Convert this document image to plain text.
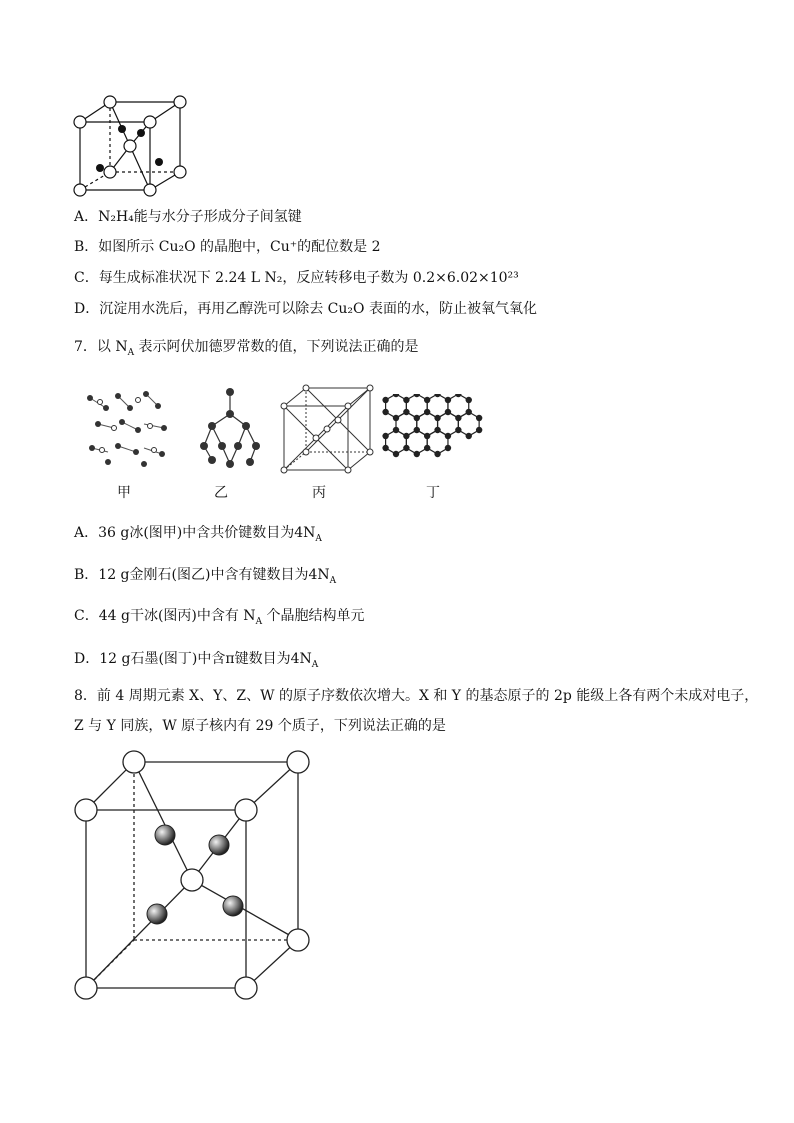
A．N₂H₄能与水分子形成分子间氢键
B．如图所示 Cu₂O 的晶胞中，Cu⁺的配位数是 2
C．每生成标准状况下 2.24 L N₂，反应转移电子数为 0.2×6.02×10²³
D．沉淀用水洗后，再用乙醇洗可以除去 Cu₂O 表面的水，防止被氧气氧化
7．以 $N_A$ 表示阿伏加德罗常数的值，下列说法正确的是
甲	乙	丙	丁
A．36 g冰(图甲)中含共价键数目为$4N_A$
B．12 g金刚石(图乙)中含有键数目为$4N_A$
C．44 g干冰(图丙)中含有 $N_A$ 个晶胞结构单元
D．12 g石墨(图丁)中含π键数目为$4N_A$
8．前 4 周期元素 X、Y、Z、W 的原子序数依次增大。X 和 Y 的基态原子的 2p 能级上各有两个未成对电子，
Z 与 Y 同族，W 原子核内有 29 个质子，下列说法正确的是
